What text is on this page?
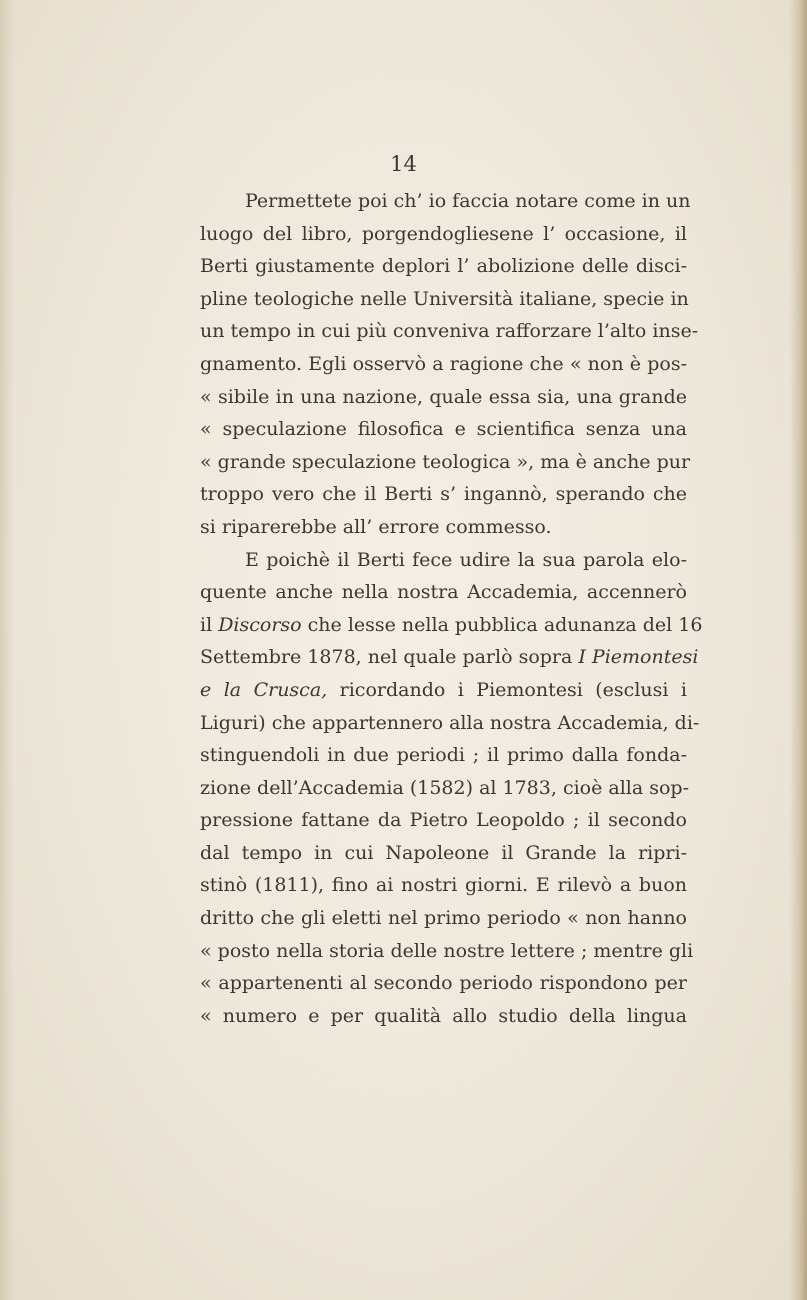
14
Permettete poi ch’ io faccia notare come in un
luogo del libro, porgendogliesene l’ occasione, il
Berti giustamente deplori l’ abolizione delle disci-
pline teologiche nelle Università italiane, specie in
un tempo in cui più conveniva rafforzare l’alto inse-
gnamento. Egli osservò a ragione che « non è pos-
« sibile in una nazione, quale essa sia, una grande
« speculazione filosofica e scientifica senza una
« grande speculazione teologica », ma è anche pur
troppo vero che il Berti s’ ingannò, sperando che
si riparerebbe all’ errore commesso.
E poichè il Berti fece udire la sua parola elo-
quente anche nella nostra Accademia, accennerò
il Discorso che lesse nella pubblica adunanza del 16
Settembre 1878, nel quale parlò sopra I Piemontesi
e la Crusca, ricordando i Piemontesi (esclusi i
Liguri) che appartennero alla nostra Accademia, di-
stinguendoli in due periodi ; il primo dalla fonda-
zione dell’Accademia (1582) al 1783, cioè alla sop-
pressione fattane da Pietro Leopoldo ; il secondo
dal tempo in cui Napoleone il Grande la ripri-
stinò (1811), fino ai nostri giorni. E rilevò a buon
dritto che gli eletti nel primo periodo « non hanno
« posto nella storia delle nostre lettere ; mentre gli
« appartenenti al secondo periodo rispondono per
« numero e per qualità allo studio della lingua
